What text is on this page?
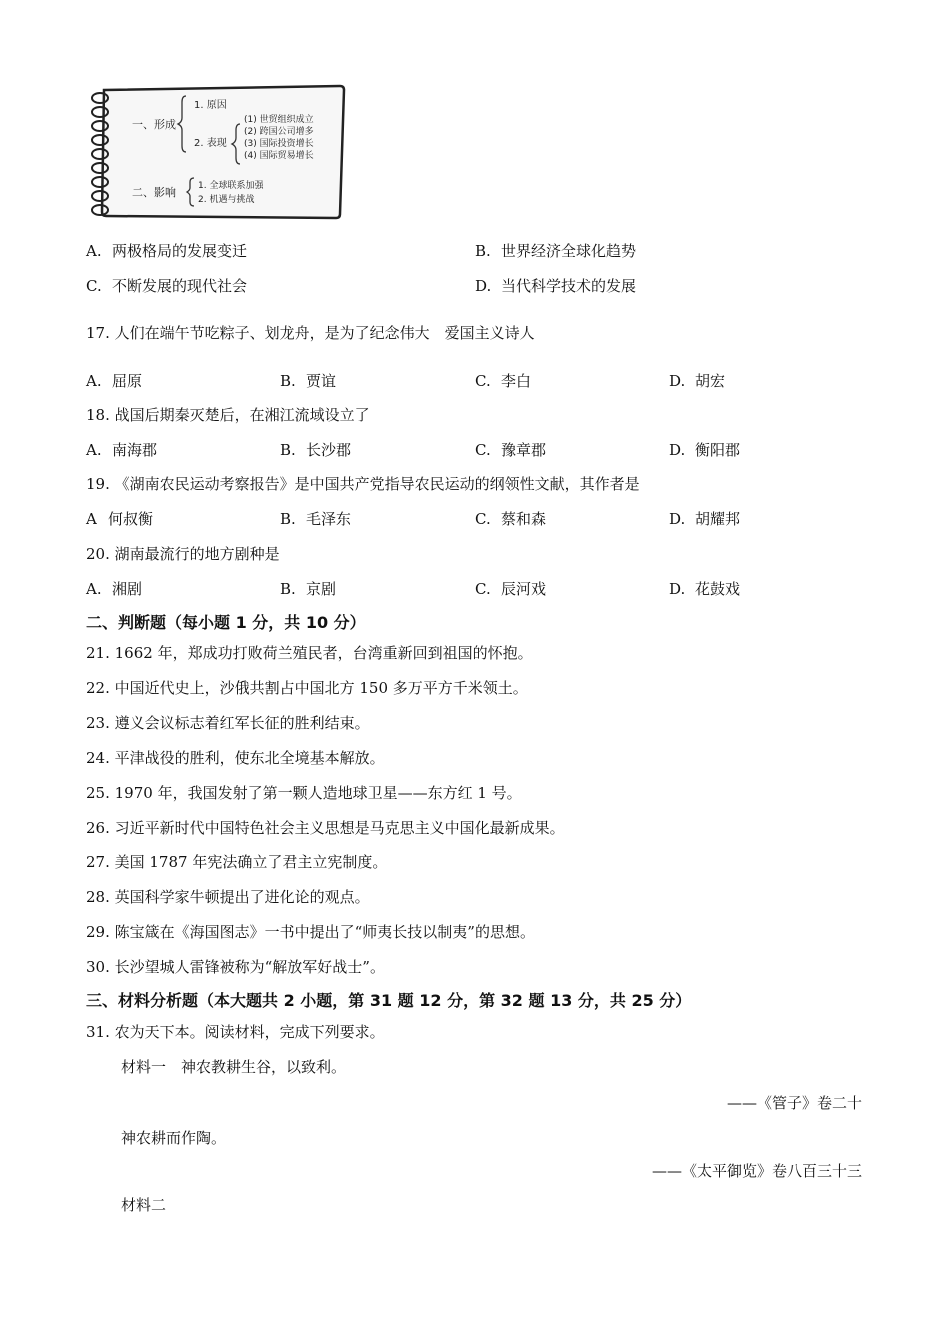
一、形成
1. 原因
2. 表现
(1) 世贸组织成立
(2) 跨国公司增多
(3) 国际投资增长
(4) 国际贸易增长
二、影响 1. 全球联系加强
2. 机遇与挑战
A. 两极格局的发展变迁	B. 世界经济全球化趋势
C. 不断发展的现代社会	D. 当代科学技术的发展
17. 人们在端午节吃粽子、划龙舟，是为了纪念伟大　爱国主义诗人
A. 屈原	B. 贾谊	C. 李白	D. 胡宏
18. 战国后期秦灭楚后，在湘江流域设立了
A. 南海郡	B. 长沙郡	C. 豫章郡	D. 衡阳郡
19. 《湖南农民运动考察报告》是中国共产党指导农民运动的纲领性文献，其作者是
A 何叔衡	B. 毛泽东	C. 蔡和森	D. 胡耀邦
20. 湖南最流行的地方剧种是
A. 湘剧	B. 京剧	C. 辰河戏	D. 花鼓戏
二、判断题（每小题 1 分，共 10 分）
21. 1662 年，郑成功打败荷兰殖民者，台湾重新回到祖国的怀抱。
22. 中国近代史上，沙俄共割占中国北方 150 多万平方千米领土。
23. 遵义会议标志着红军长征的胜利结束。
24. 平津战役的胜利，使东北全境基本解放。
25. 1970 年，我国发射了第一颗人造地球卫星——东方红 1 号。
26. 习近平新时代中国特色社会主义思想是马克思主义中国化最新成果。
27. 美国 1787 年宪法确立了君主立宪制度。
28. 英国科学家牛顿提出了进化论的观点。
29. 陈宝箴在《海国图志》一书中提出了“师夷长技以制夷”的思想。
30. 长沙望城人雷锋被称为“解放军好战士”。
三、材料分析题（本大题共 2 小题，第 31 题 12 分，第 32 题 13 分，共 25 分）
31. 农为天下本。阅读材料，完成下列要求。
材料一　神农教耕生谷，以致利。
——《管子》卷二十
神农耕而作陶。
——《太平御览》卷八百三十三
材料二
